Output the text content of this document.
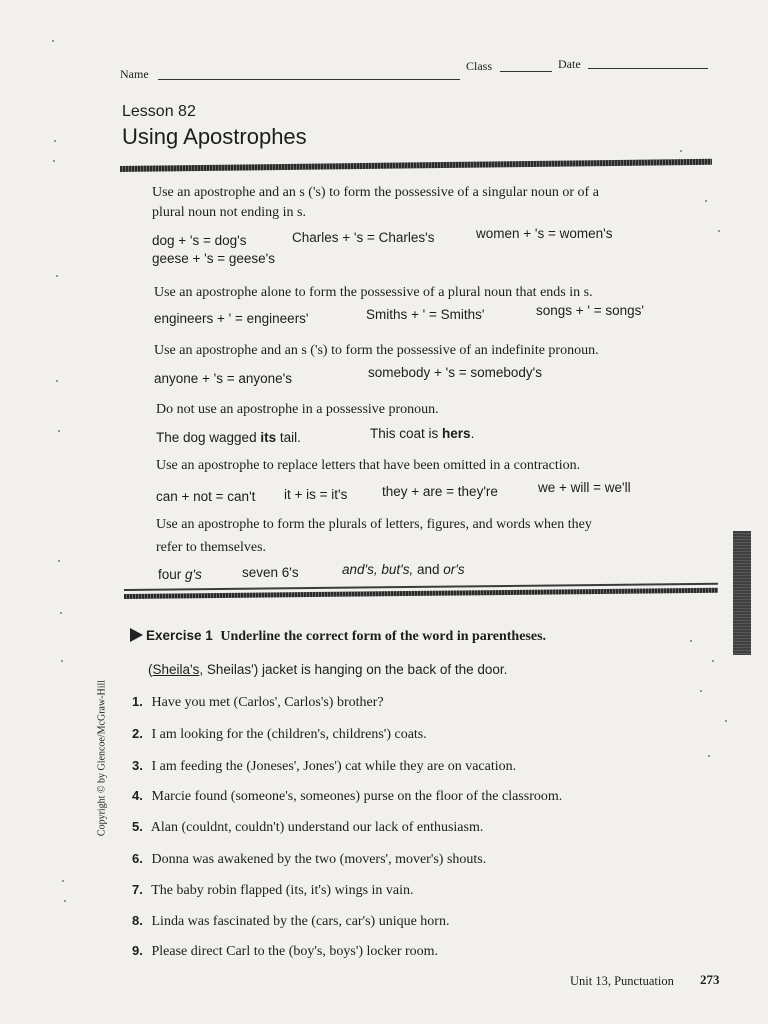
Name
Class	Date
Lesson 82
Using Apostrophes
Use an apostrophe and an s ('s) to form the possessive of a singular noun or of a
plural noun not ending in s.
dog + 's = dog's	Charles + 's = Charles's	women + 's = women's
geese + 's = geese's
Use an apostrophe alone to form the possessive of a plural noun that ends in s.
engineers + ' = engineers'	Smiths + ' = Smiths'	songs + ' = songs'
Use an apostrophe and an s ('s) to form the possessive of an indefinite pronoun.
anyone + 's = anyone's	somebody + 's = somebody's
Do not use an apostrophe in a possessive pronoun.
The dog wagged its tail.	This coat is hers.
Use an apostrophe to replace letters that have been omitted in a contraction.
can + not = can't it + is = it's	they + are = they're	we + will = we'll
Use an apostrophe to form the plurals of letters, figures, and words when they
refer to themselves.
four g's	seven 6's	and's, but's, and or's
Exercise 1 Underline the correct form of the word in parentheses.
(Sheila's, Sheilas') jacket is hanging on the back of the door.
1. Have you met (Carlos', Carlos's) brother?
2. I am looking for the (children's, childrens') coats.
3. I am feeding the (Joneses', Jones') cat while they are on vacation.
4. Marcie found (someone's, someones) purse on the floor of the classroom.
5. Alan (couldnt, couldn't) understand our lack of enthusiasm.
6. Donna was awakened by the two (movers', mover's) shouts.
7. The baby robin flapped (its, it's) wings in vain.
8. Linda was fascinated by the (cars, car's) unique horn.
9. Please direct Carl to the (boy's, boys') locker room.
Copyright © by Glencoe/McGraw-Hill
Unit 13, Punctuation 273
